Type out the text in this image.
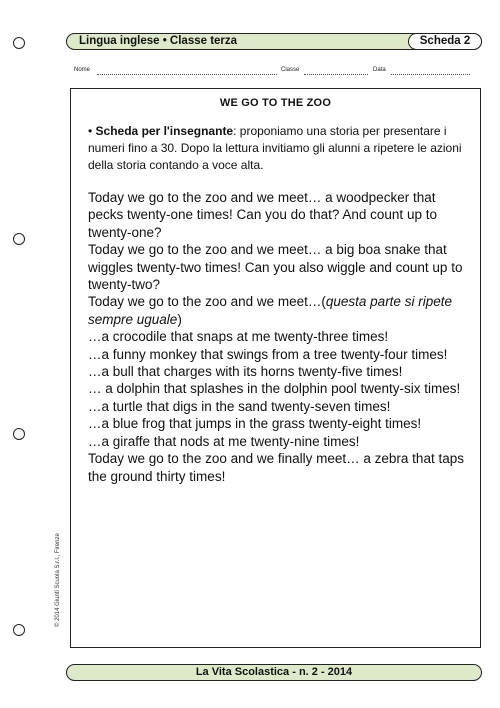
Lingua inglese • Classe terza	Scheda 2
Nome	Classe	Data
WE GO TO THE ZOO
• Scheda per l'insegnante: proponiamo una storia per presentare i numeri fino a 30. Dopo la lettura invitiamo gli alunni a ripetere le azioni della storia contando a voce alta.

Today we go to the zoo and we meet… a woodpecker that pecks twenty-one times! Can you do that? And count up to twenty-one?

Today we go to the zoo and we meet… a big boa snake that wiggles twenty-two times! Can you also wiggle and count up to twenty-two?

Today we go to the zoo and we meet…(questa parte si ripete sempre uguale)

…a crocodile that snaps at me twenty-three times!

…a funny monkey that swings from a tree twenty-four times!

…a bull that charges with its horns twenty-five times!

… a dolphin that splashes in the dolphin pool twenty-six times!

…a turtle that digs in the sand twenty-seven times!

…a blue frog that jumps in the grass twenty-eight times!

…a giraffe that nods at me twenty-nine times!

Today we go to the zoo and we finally meet… a zebra that taps the ground thirty times!

© 2014 Giunti Scuola S.r.l., Firenze
La Vita Scolastica - n. 2 - 2014
